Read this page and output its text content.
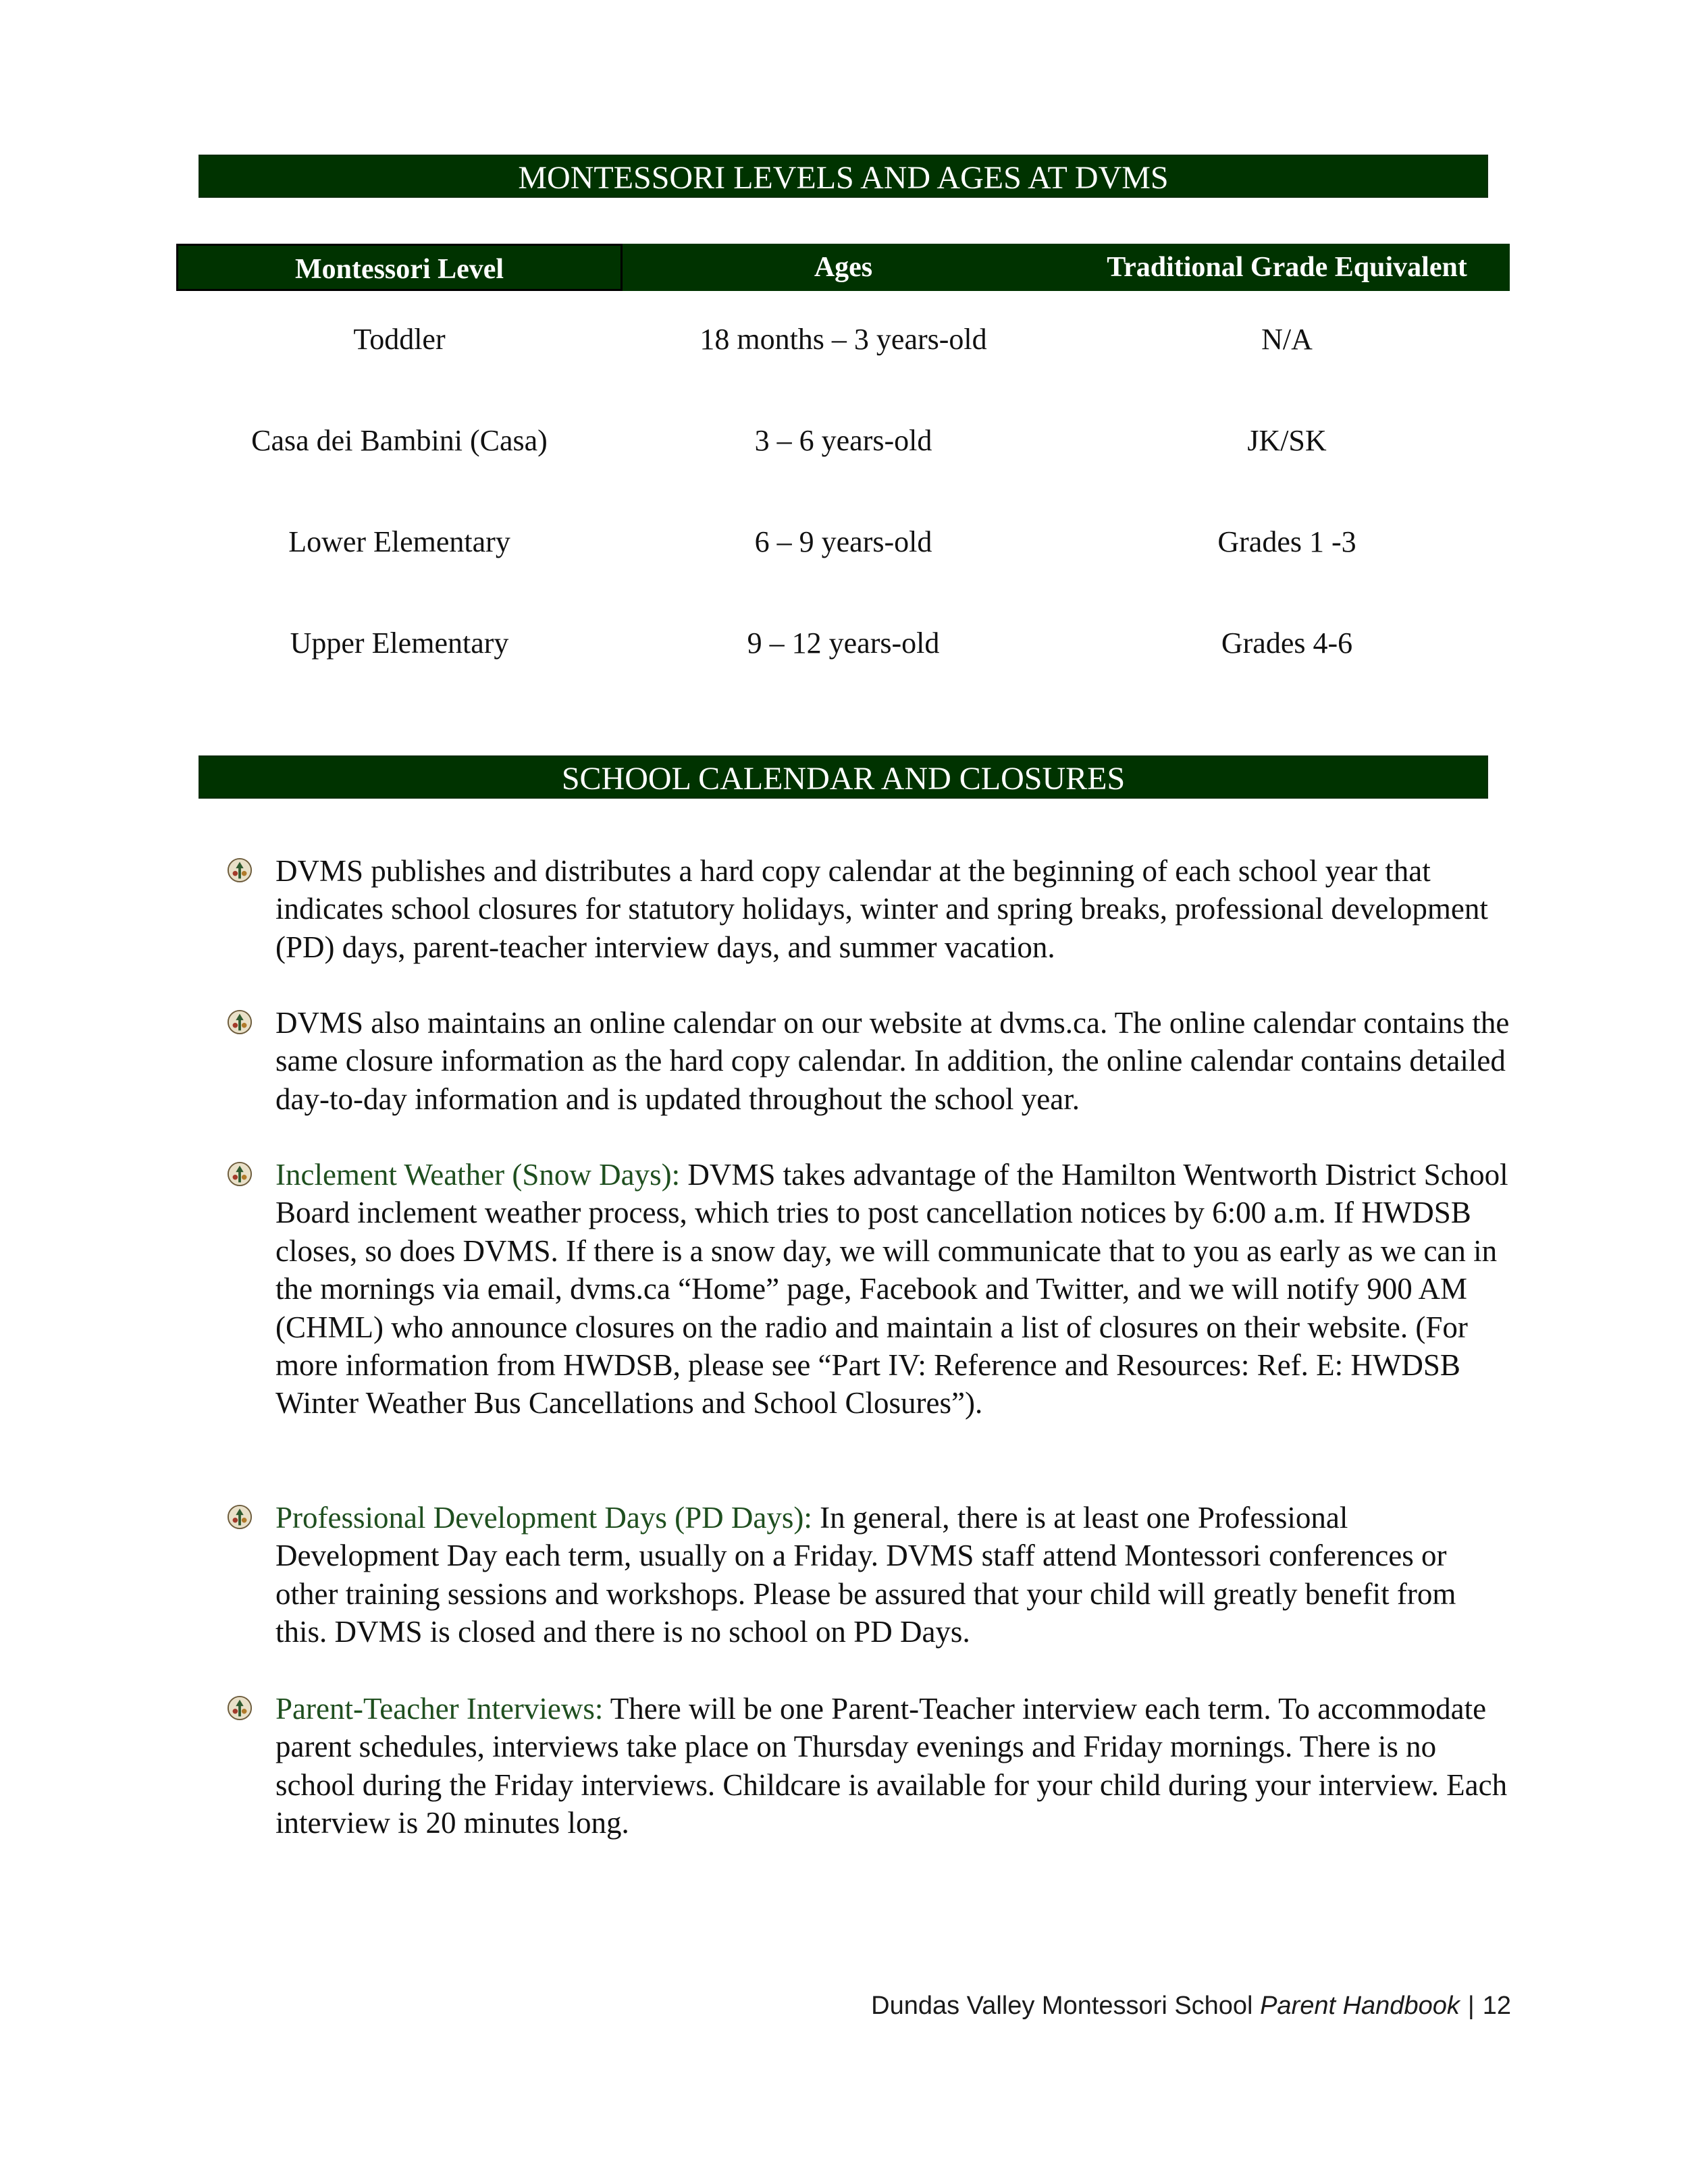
MONTESSORI LEVELS AND AGES AT DVMS
Montessori Level	Ages	Traditional Grade Equivalent
Toddler	18 months – 3 years-old	N/A
Casa dei Bambini (Casa)	3 – 6 years-old	JK/SK
Lower Elementary	6 – 9 years-old	Grades 1 -3
Upper Elementary	9 – 12 years-old	Grades 4-6
SCHOOL CALENDAR AND CLOSURES
DVMS publishes and distributes a hard copy calendar at the beginning of each school year that indicates school closures for statutory holidays, winter and spring breaks, professional development (PD) days, parent-teacher interview days, and summer vacation.
DVMS also maintains an online calendar on our website at dvms.ca. The online calendar contains the same closure information as the hard copy calendar. In addition, the online calendar contains detailed day-to-day information and is updated throughout the school year.
Inclement Weather (Snow Days): DVMS takes advantage of the Hamilton Wentworth District School Board inclement weather process, which tries to post cancellation notices by 6:00 a.m. If HWDSB closes, so does DVMS. If there is a snow day, we will communicate that to you as early as we can in the mornings via email, dvms.ca “Home” page, Facebook and Twitter, and we will notify 900 AM (CHML) who announce closures on the radio and maintain a list of closures on their website. (For more information from HWDSB, please see “Part IV: Reference and Resources: Ref. E: HWDSB Winter Weather Bus Cancellations and School Closures”).
Professional Development Days (PD Days): In general, there is at least one Professional Development Day each term, usually on a Friday. DVMS staff attend Montessori conferences or other training sessions and workshops. Please be assured that your child will greatly benefit from this. DVMS is closed and there is no school on PD Days.
Parent-Teacher Interviews: There will be one Parent-Teacher interview each term. To accommodate parent schedules, interviews take place on Thursday evenings and Friday mornings. There is no school during the Friday interviews. Childcare is available for your child during your interview. Each interview is 20 minutes long.
Dundas Valley Montessori School Parent Handbook | 12
